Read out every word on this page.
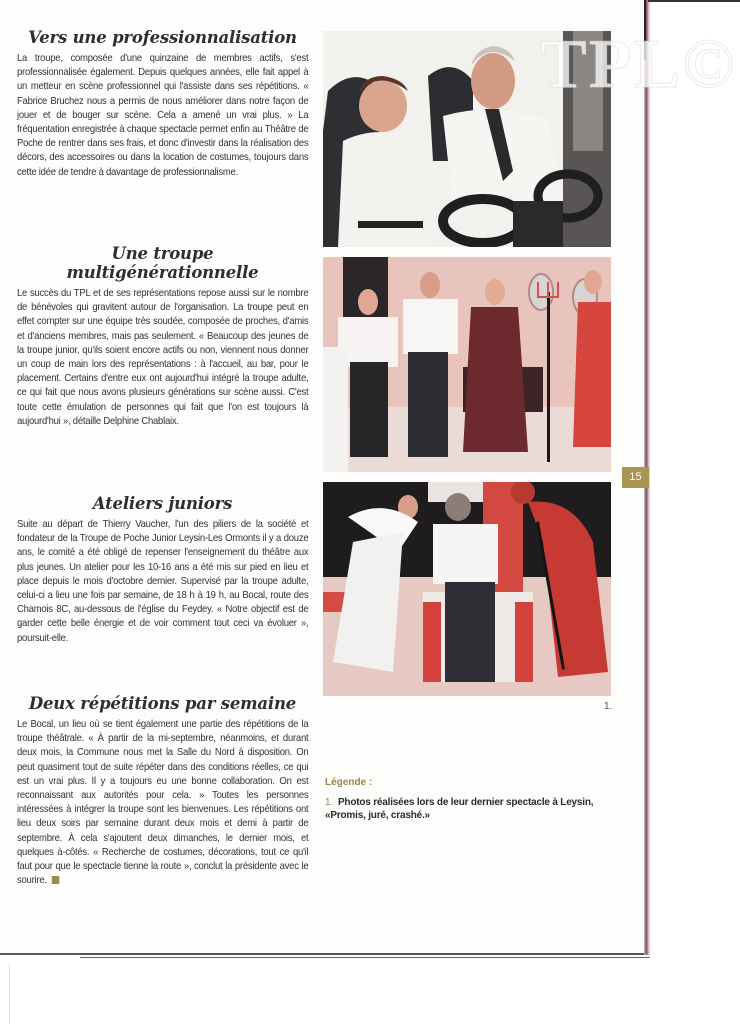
Vers une professionnalisation

La troupe, composée d'une quinzaine de membres actifs, s'est professionnalisée également. Depuis quelques années, elle fait appel à un metteur en scène professionnel qui l'assiste dans ses répétitions. « Fabrice Bruchez nous a permis de nous améliorer dans notre façon de jouer et de bouger sur scène. Cela a amené un vrai plus. » La fréquentation enregistrée à chaque spectacle permet enfin au Théâtre de Poche de rentrer dans ses frais, et donc d'investir dans la réalisation des décors, des accessoires ou dans la location de costumes, toujours dans cette idée de tendre à davantage de professionnalisme.

Une troupe
multigénérationnelle

Le succès du TPL et de ses représentations repose aussi sur le nombre de bénévoles qui gravitent autour de l'organisation. La troupe peut en effet compter sur une équipe très soudée, composée de proches, d'amis et d'anciens membres, mais pas seulement. « Beaucoup des jeunes de la troupe junior, qu'ils soient encore actifs ou non, viennent nous donner un coup de main lors des représentations : à l'accueil, au bar, pour le placement. Certains d'entre eux ont aujourd'hui intégré la troupe adulte, ce qui fait que nous avons plusieurs générations sur scène aussi. C'est toute cette émulation de personnes qui fait que l'on est toujours là aujourd'hui », détaille Delphine Chablaix.

Ateliers juniors

Suite au départ de Thierry Vaucher, l'un des piliers de la société et fondateur de la Troupe de Poche Junior Leysin-Les Ormonts il y a douze ans, le comité a été obligé de repenser l'enseignement du théâtre aux plus jeunes. Un atelier pour les 10-16 ans a été mis sur pied en lieu et place depuis le mois d'octobre dernier. Supervisé par la troupe adulte, celui-ci a lieu une fois par semaine, de 18 h à 19 h, au Bocal, route des Chamois 8C, au-dessous de l'église du Feydey. « Notre objectif est de garder cette belle énergie et de voir comment tout ceci va évoluer », poursuit-elle.

Deux répétitions par semaine

Le Bocal, un lieu où se tient également une partie des répétitions de la troupe théâtrale. « À partir de la mi-septembre, néanmoins, et durant deux mois, la Commune nous met la Salle du Nord à disposition. On peut quasiment tout de suite répéter dans des conditions réelles, ce qui est un vrai plus. Il y a toujours eu une bonne collaboration. On est reconnaissant aux autorités pour cela. » Toutes les personnes intéressées à intégrer la troupe sont les bienvenues. Les répétitions ont lieu deux soirs par semaine durant deux mois et demi à partir de septembre. À cela s'ajoutent deux dimanches, le dernier mois, et quelques à-côtés. « Recherche de costumes, décorations, tout ce qu'il faut pour que le spectacle tienne la route », conclut la présidente avec le sourire.

1.
Légende :
1. Photos réalisées lors de leur dernier spectacle à Leysin, «Promis, juré, crashé.»
15
TPL©
